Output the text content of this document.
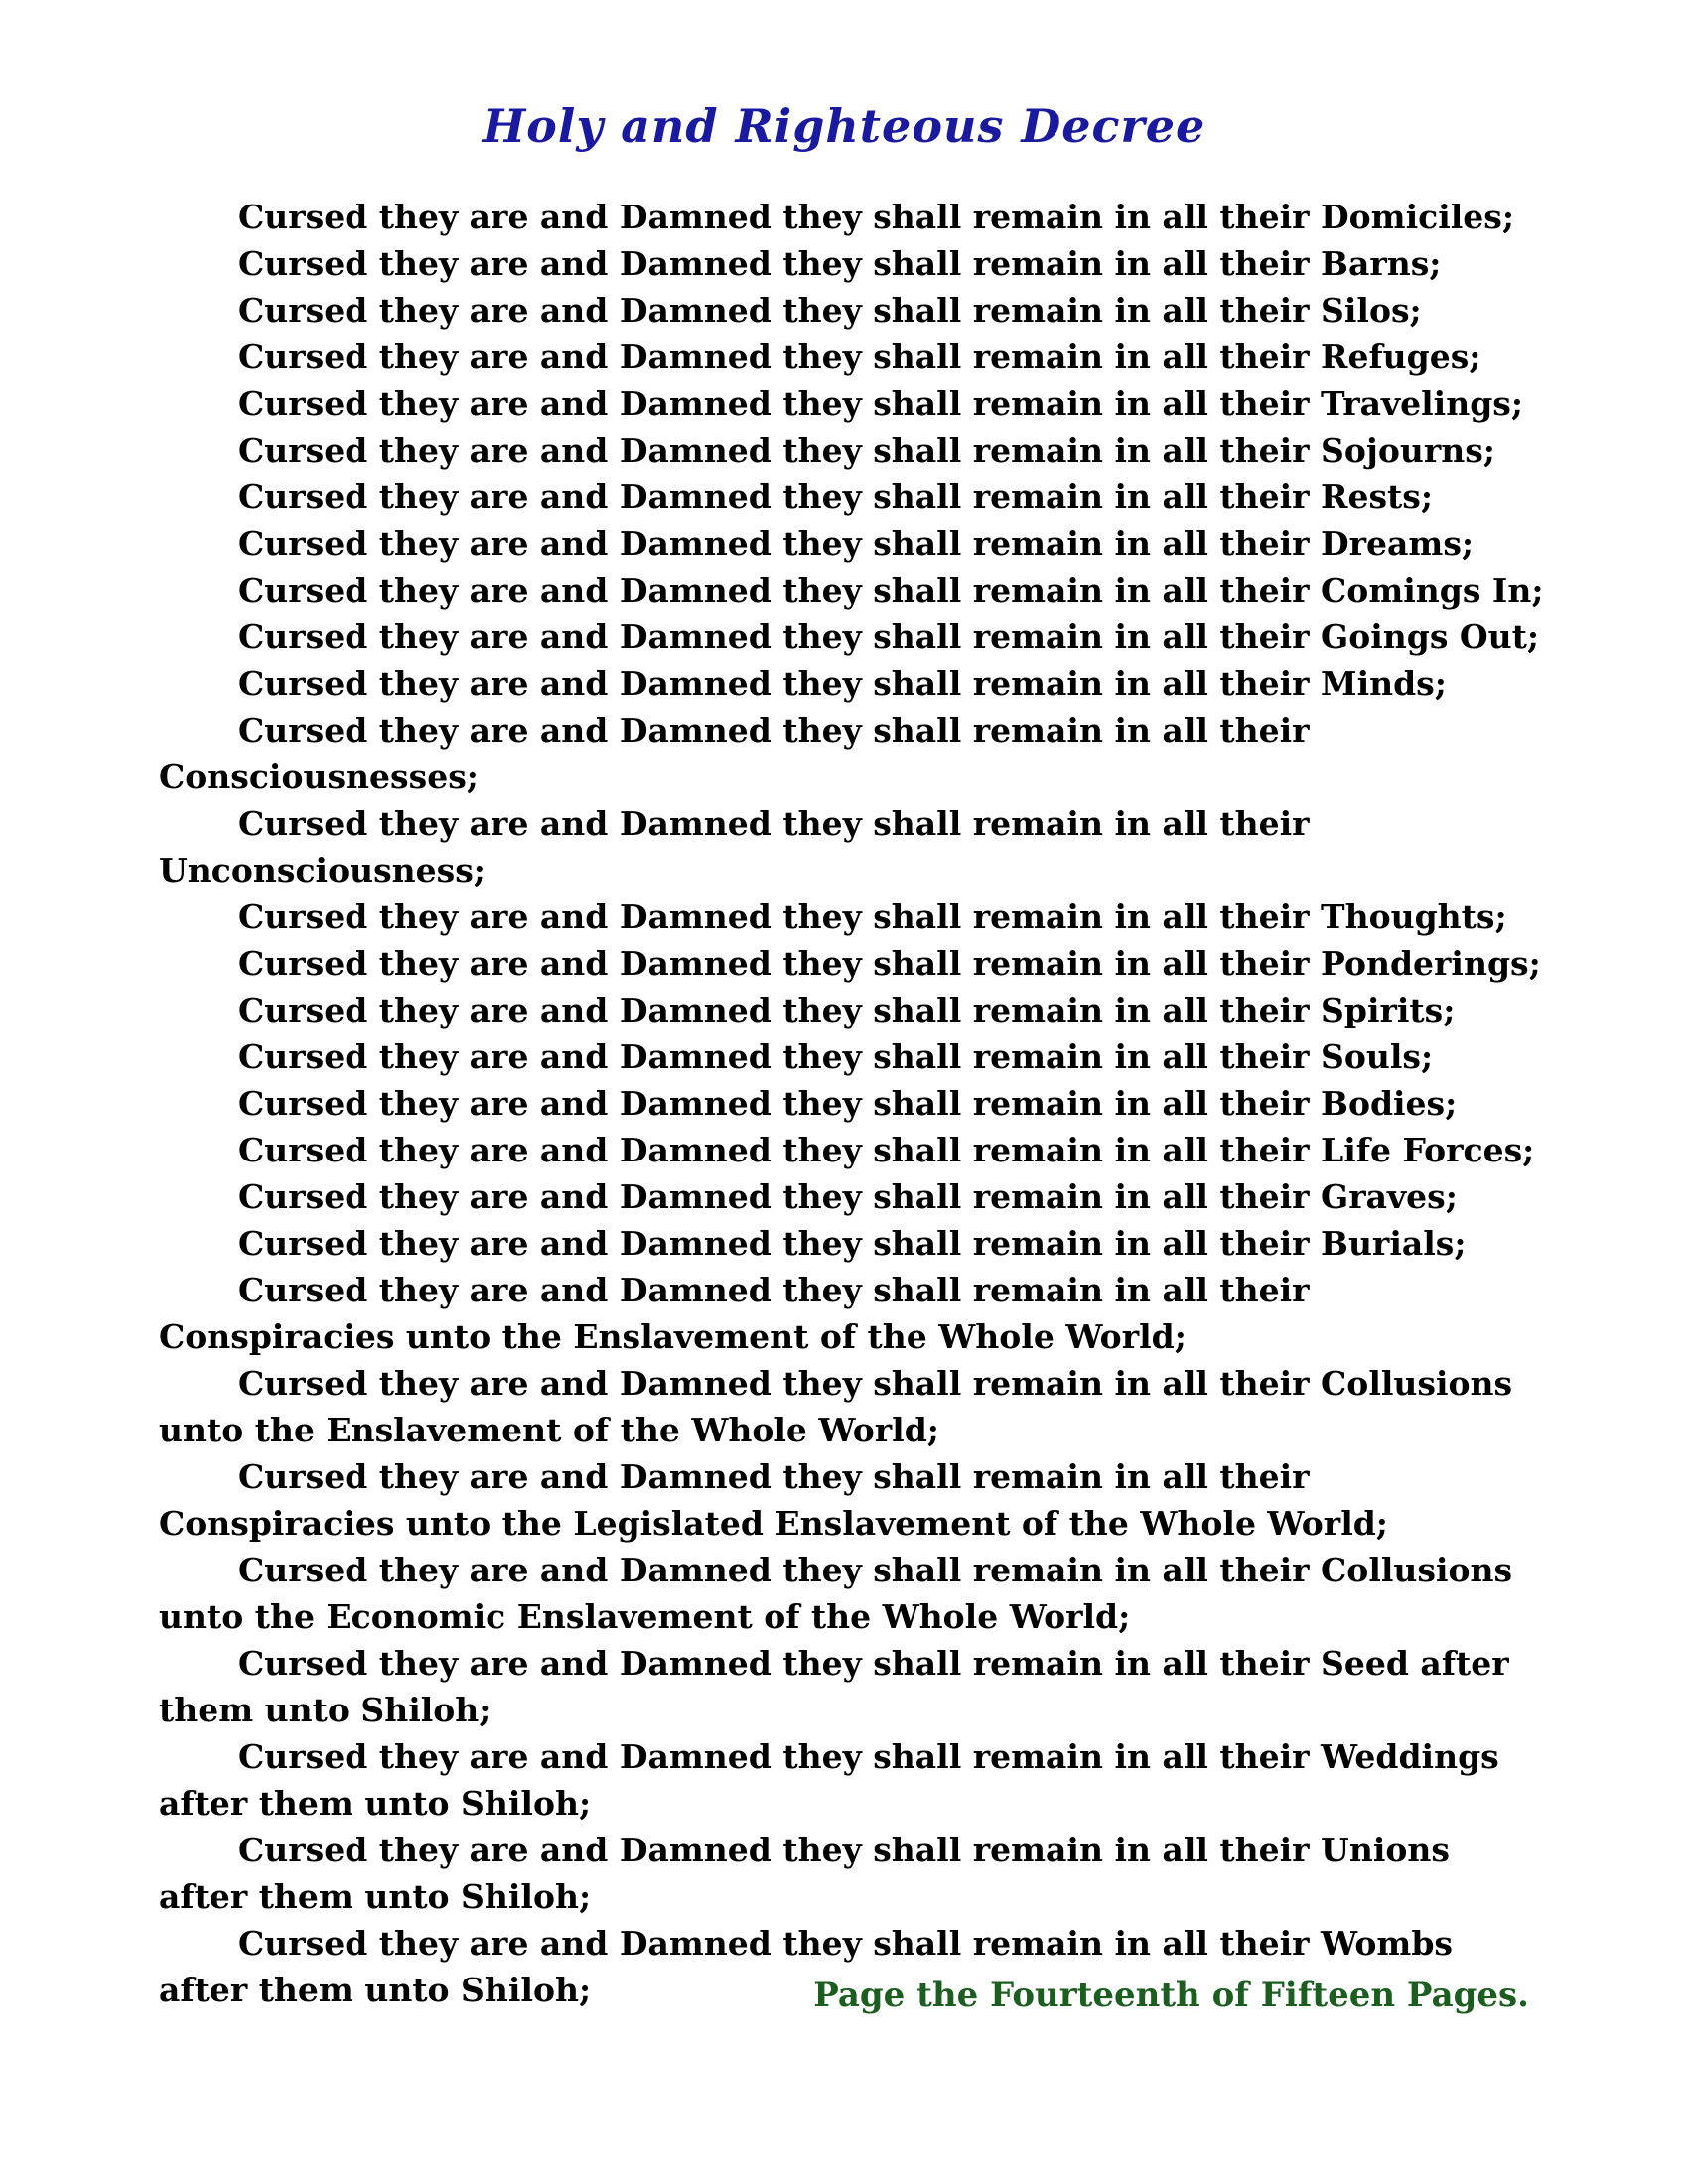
Holy and Righteous Decree
Cursed they are and Damned they shall remain in all their Domiciles;
Cursed they are and Damned they shall remain in all their Barns;
Cursed they are and Damned they shall remain in all their Silos;
Cursed they are and Damned they shall remain in all their Refuges;
Cursed they are and Damned they shall remain in all their Travelings;
Cursed they are and Damned they shall remain in all their Sojourns;
Cursed they are and Damned they shall remain in all their Rests;
Cursed they are and Damned they shall remain in all their Dreams;
Cursed they are and Damned they shall remain in all their Comings In;
Cursed they are and Damned they shall remain in all their Goings Out;
Cursed they are and Damned they shall remain in all their Minds;
Cursed they are and Damned they shall remain in all their Consciousnesses;
Cursed they are and Damned they shall remain in all their Unconsciousness;
Cursed they are and Damned they shall remain in all their Thoughts;
Cursed they are and Damned they shall remain in all their Ponderings;
Cursed they are and Damned they shall remain in all their Spirits;
Cursed they are and Damned they shall remain in all their Souls;
Cursed they are and Damned they shall remain in all their Bodies;
Cursed they are and Damned they shall remain in all their Life Forces;
Cursed they are and Damned they shall remain in all their Graves;
Cursed they are and Damned they shall remain in all their Burials;
Cursed they are and Damned they shall remain in all their Conspiracies unto the Enslavement of the Whole World;
Cursed they are and Damned they shall remain in all their Collusions unto the Enslavement of the Whole World;
Cursed they are and Damned they shall remain in all their Conspiracies unto the Legislated Enslavement of the Whole World;
Cursed they are and Damned they shall remain in all their Collusions unto the Economic Enslavement of the Whole World;
Cursed they are and Damned they shall remain in all their Seed after them unto Shiloh;
Cursed they are and Damned they shall remain in all their Weddings after them unto Shiloh;
Cursed they are and Damned they shall remain in all their Unions after them unto Shiloh;
Cursed they are and Damned they shall remain in all their Wombs after them unto Shiloh;	Page the Fourteenth of Fifteen Pages.
